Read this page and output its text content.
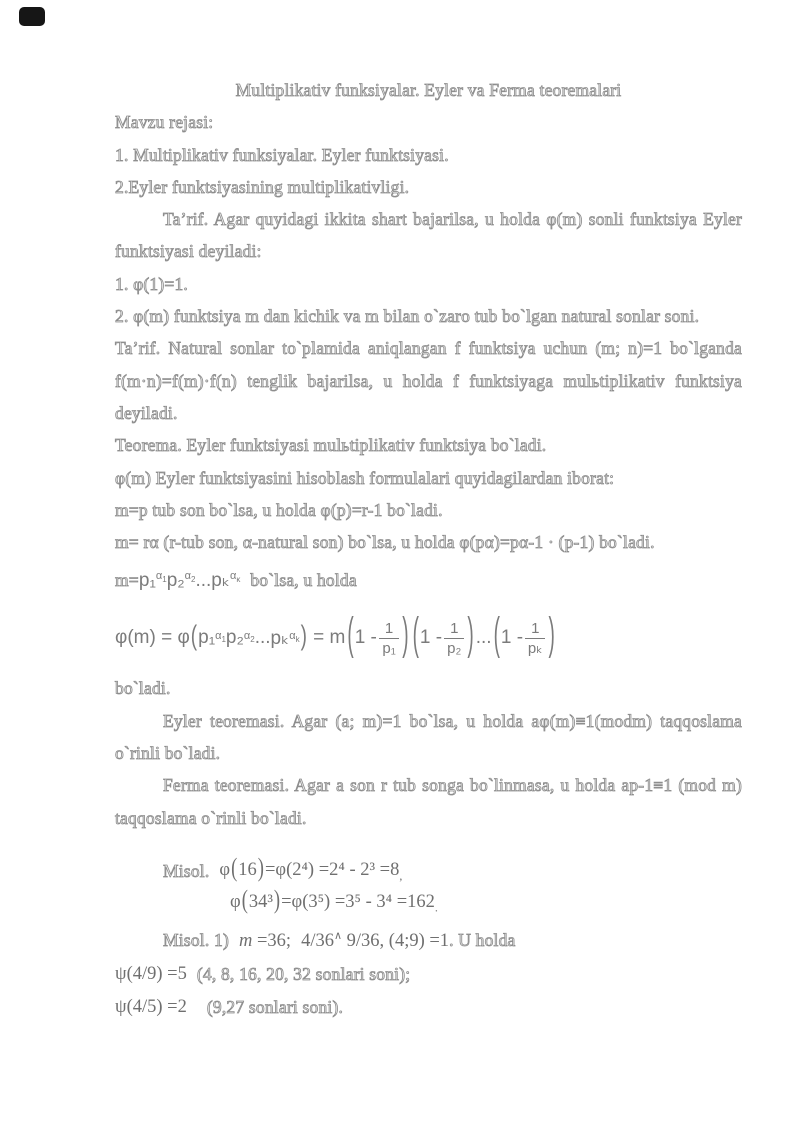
Multiplikativ funksiyalar. Eyler va Ferma teoremalari

Mavzu rejasi:

1. Multiplikativ funksiyalar. Eyler funktsiyasi.

2.Eyler funktsiyasining multiplikativligi.

Taʼrif. Agar quyidagi ikkita shart bajarilsa, u holda φ(m) sonli funktsiya Eyler funktsiyasi deyiladi:

1. φ(1)=1.

2. φ(m) funktsiya m dan kichik va m bilan o`zaro tub bo`lgan natural sonlar soni.

Taʼrif. Natural sonlar to`plamida aniqlangan f funktsiya uchun (m; n)=1 bo`lganda f(m·n)=f(m)·f(n) tenglik bajarilsa, u holda f funktsiyaga mulьtiplikativ funktsiya deyiladi.

Teorema. Eyler funktsiyasi mulьtiplikativ funktsiya bo`ladi.

φ(m) Eyler funktsiyasini hisoblash formulalari quyidagilardan iborat:

m=p tub son bo`lsa, u holda φ(p)=r-1 bo`ladi.

m= rα (r-tub son, α-natural son) bo`lsa, u holda φ(pα)=pα-1 · (p-1) bo`ladi.

m= p₁$^{\alpha_1}$p₂$^{\alpha_2}$...pₖ$^{\alpha_\kappa}$ bo`lsa, u holda
φ(m)
= φ ( p₁ $\alpha_1$ p₂ $\alpha_2$ ... pₖ $\alpha_k$ )
= m ( $1 - \frac{1}{\text{p₁}}$ ) ( $1 - \frac{1}{\text{p₂}}$ ) ... ( $1 - \frac{1}{\text{pₖ}}$ )

bo`ladi.

Eyler teoremasi. Agar (a; m)=1 bo`lsa, u holda aφ(m)≡1(modm) taqqoslama o`rinli bo`ladi.

Ferma teoremasi. Agar a son r tub songa bo`linmasa, u holda ap-1≡1 (mod m) taqqoslama o`rinli bo`ladi.

Misol. $\varphi(16)=\varphi(2^4) =2^4 - 2^3 =8_,$
$\varphi(34^3)=\varphi(3^5) =3^5 - 3^4 =162_.$
Misol. 1) m =36; 4/36∧ 9/36, (4;9) =1 . U holda
ψ(4/9) =5 (4, 8, 16, 20, 32 sonlari soni);
ψ(4/5) =2 (9,27 sonlari soni).
